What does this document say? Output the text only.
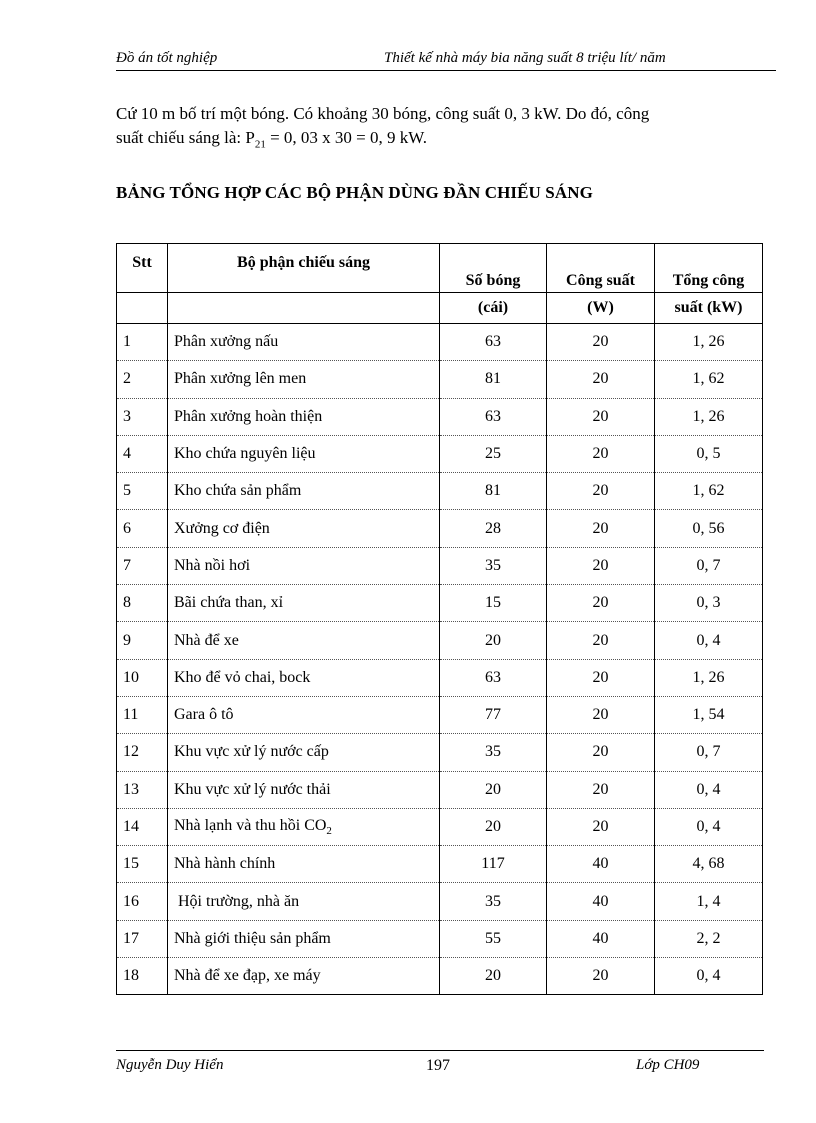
Đồ án tốt nghiệp	Thiết kế nhà máy bia năng suất 8 triệu lít/ năm
Cứ 10 m bố trí một bóng. Có khoảng 30 bóng, công suất 0, 3 kW. Do đó, công
suất chiếu sáng là: $P_{21} = 0$, 03 x 30 = 0, 9 kW.
BẢNG TỔNG HỢP CÁC BỘ PHẬN DÙNG ĐẦN CHIẾU SÁNG
Stt	Bộ phận chiếu sáng	Số bóng	Công suất	Tổng công
		(cái)	(W)	suất (kW)
1	Phân xưởng nấu	63	20	1, 26
2	Phân xưởng lên men	81	20	1, 62
3	Phân xưởng hoàn thiện	63	20	1, 26
4	Kho chứa nguyên liệu	25	20	0, 5
5	Kho chứa sản phẩm	81	20	1, 62
6	Xưởng cơ điện	28	20	0, 56
7	Nhà nồi hơi	35	20	0, 7
8	Bãi chứa than, xỉ	15	20	0, 3
9	Nhà để xe	20	20	0, 4
10	Kho để vỏ chai, bock	63	20	1, 26
11	Gara ô tô	77	20	1, 54
12	Khu vực xử lý nước cấp	35	20	0, 7
13	Khu vực xử lý nước thải	20	20	0, 4
14	Nhà lạnh và thu hồi $CO_2$	20	20	0, 4
15	Nhà hành chính	117	40	4, 68
16	Hội trường, nhà ăn	35	40	1, 4
17	Nhà giới thiệu sản phẩm	55	40	2, 2
18	Nhà để xe đạp, xe máy	20	20	0, 4
Nguyễn Duy Hiển	197	Lớp CH09
